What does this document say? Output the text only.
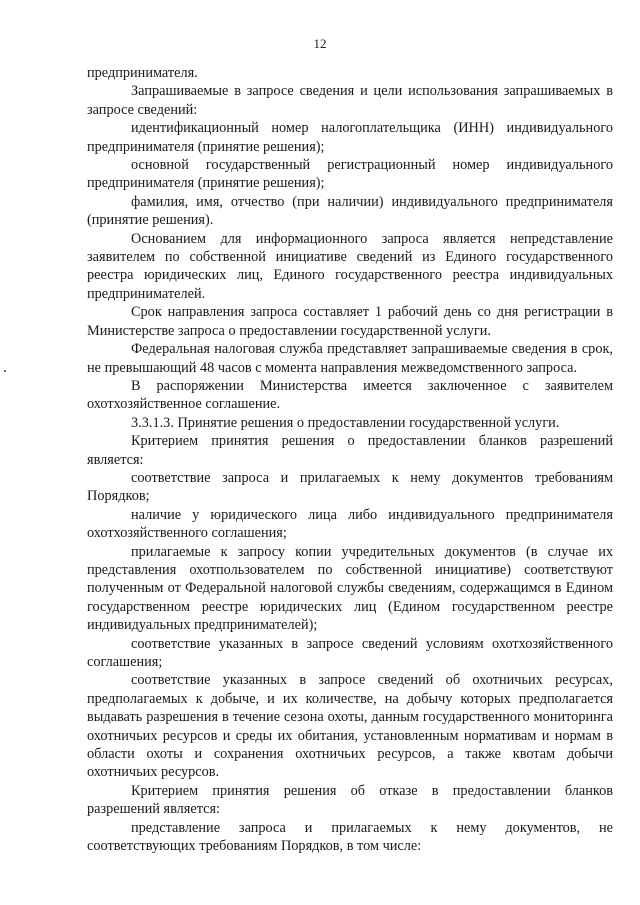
12

предпринимателя.

Запрашиваемые в запросе сведения и цели использования запрашиваемых в запросе сведений:

идентификационный номер налогоплательщика (ИНН) индивидуального предпринимателя (принятие решения);

основной государственный регистрационный номер индивидуального предпринимателя (принятие решения);

фамилия, имя, отчество (при наличии) индивидуального предпринимателя (принятие решения).

Основанием для информационного запроса является непредставление заявителем по собственной инициативе сведений из Единого государственного реестра юридических лиц, Единого государственного реестра индивидуальных предпринимателей.

Срок направления запроса составляет 1 рабочий день со дня регистрации в Министерстве запроса о предоставлении государственной услуги.

Федеральная налоговая служба представляет запрашиваемые сведения в срок, не превышающий 48 часов с момента направления межведомственного запроса.

В распоряжении Министерства имеется заключенное с заявителем охотхозяйственное соглашение.

3.3.1.3. Принятие решения о предоставлении государственной услуги.

Критерием принятия решения о предоставлении бланков разрешений является:

соответствие запроса и прилагаемых к нему документов требованиям Порядков;

наличие у юридического лица либо индивидуального предпринимателя охотхозяйственного соглашения;

прилагаемые к запросу копии учредительных документов (в случае их представления охотпользователем по собственной инициативе) соответствуют полученным от Федеральной налоговой службы сведениям, содержащимся в Едином государственном реестре юридических лиц (Едином государственном реестре индивидуальных предпринимателей);

соответствие указанных в запросе сведений условиям охотхозяйственного соглашения;

соответствие указанных в запросе сведений об охотничьих ресурсах, предполагаемых к добыче, и их количестве, на добычу которых предполагается выдавать разрешения в течение сезона охоты, данным государственного мониторинга охотничьих ресурсов и среды их обитания, установленным нормативам и нормам в области охоты и сохранения охотничьих ресурсов, а также квотам добычи охотничьих ресурсов.

Критерием принятия решения об отказе в предоставлении бланков разрешений является:

представление запроса и прилагаемых к нему документов, не соответствующих требованиям Порядков, в том числе:
